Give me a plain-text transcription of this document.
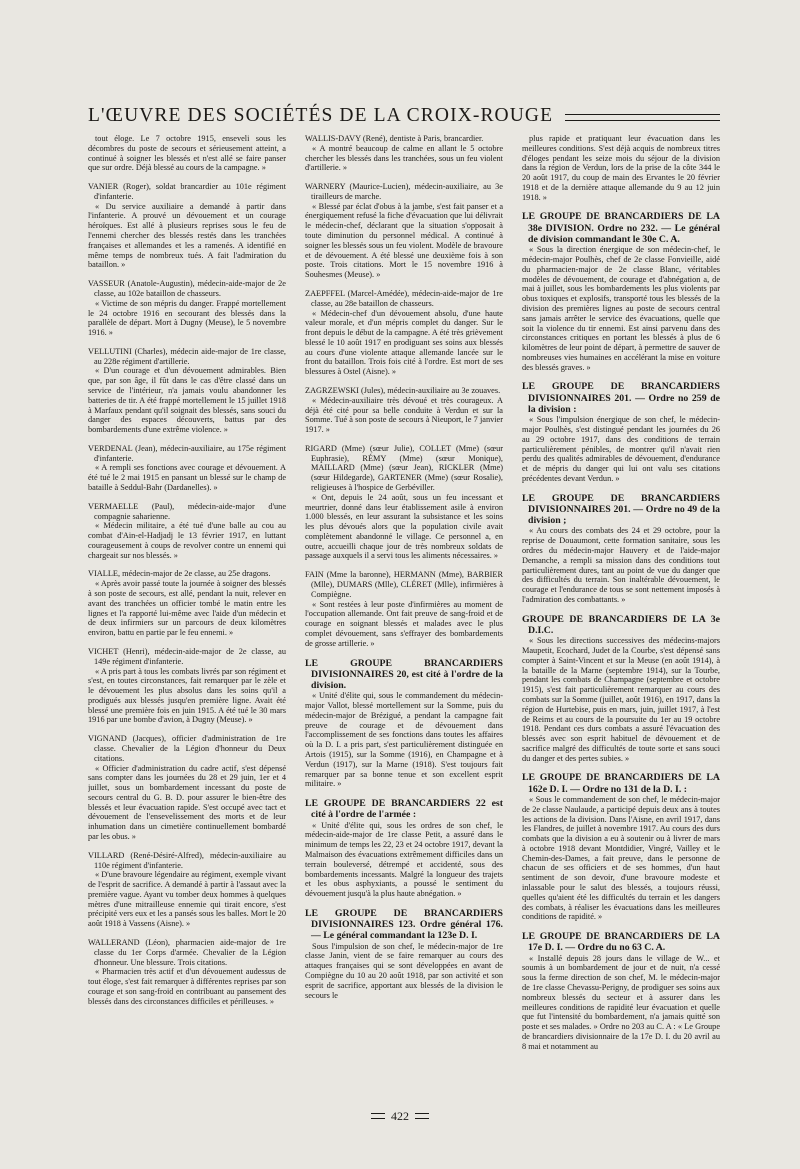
L'ŒUVRE DES SOCIÉTÉS DE LA CROIX-ROUGE
tout éloge. Le 7 octobre 1915, enseveli sous les décombres du poste de secours et sérieusement atteint, a continué à soigner les blessés et n'est allé se faire panser que sur ordre. Déjà blessé au cours de la campagne. »
VANIER (Roger), soldat brancardier au 101e régiment d'infanterie.
« Du service auxiliaire a demandé à partir dans l'infanterie. A prouvé un dévouement et un courage héroïques. Est allé à plusieurs reprises sous le feu de l'ennemi chercher des blessés restés dans les tranchées françaises et allemandes et les a ramenés. A identifié en même temps de nombreux tués. A fait l'admiration du bataillon. »
VASSEUR (Anatole-Augustin), médecin-aide-major de 2e classe, au 102e bataillon de chasseurs.
« Victime de son mépris du danger. Frappé mortellement le 24 octobre 1916 en secourant des blessés dans la parallèle de départ. Mort à Dugny (Meuse), le 5 novembre 1916. »
VELLUTINI (Charles), médecin aide-major de 1re classe, au 228e régiment d'artillerie.
« D'un courage et d'un dévouement admirables. Bien que, par son âge, il fût dans le cas d'être classé dans un service de l'intérieur, n'a jamais voulu abandonner les batteries de tir. A été frappé mortellement le 15 juillet 1918 à Marfaux pendant qu'il soignait des blessés, sans souci du danger des espaces découverts, battus par des bombardements d'une extrême violence. »
VERDENAL (Jean), médecin-auxiliaire, au 175e régiment d'infanterie.
« A rempli ses fonctions avec courage et dévouement. A été tué le 2 mai 1915 en pansant un blessé sur le champ de bataille à Seddul-Bahr (Dardanelles). »
VERMAELLE (Paul), médecin-aide-major d'une compagnie saharienne.
« Médecin militaire, a été tué d'une balle au cou au combat d'Ain-el-Hadjadj le 13 février 1917, en luttant courageusement à coups de revolver contre un ennemi qui chargeait sur nos blessés. »
VIALLE, médecin-major de 2e classe, au 25e dragons.
« Après avoir passé toute la journée à soigner des blessés à son poste de secours, est allé, pendant la nuit, relever en avant des tranchées un officier tombé le matin entre les lignes et l'a rapporté lui-même avec l'aide d'un médecin et de deux infirmiers sur un parcours de deux kilomètres environ, battu en partie par le feu ennemi. »
VICHET (Henri), médecin-aide-major de 2e classe, au 149e régiment d'infanterie.
« A pris part à tous les combats livrés par son régiment et s'est, en toutes circonstances, fait remarquer par le zèle et le dévouement les plus absolus dans les soins qu'il a prodigués aux blessés jusqu'en première ligne. Avait été blessé une première fois en juin 1915. A été tué le 30 mars 1916 par une bombe d'avion, à Dugny (Meuse). »
VIGNAND (Jacques), officier d'administration de 1re classe. Chevalier de la Légion d'honneur du Deux citations.
« Officier d'administration du cadre actif, s'est dépensé sans compter dans les journées du 28 et 29 juin, 1er et 4 juillet, sous un bombardement incessant du poste de secours central du G. B. D. pour assurer le bien-être des blessés et leur évacuation rapide. S'est occupé avec tact et dévouement de l'ensevelissement des morts et de leur inhumation dans un cimetière continuellement bombardé par les obus. »
VILLARD (René-Désiré-Alfred), médecin-auxiliaire au 110e régiment d'infanterie.
« D'une bravoure légendaire au régiment, exemple vivant de l'esprit de sacrifice. A demandé à partir à l'assaut avec la première vague. Ayant vu tomber deux hommes à quelques mètres d'une mitrailleuse ennemie qui tirait encore, s'est précipité vers eux et les a pansés sous les balles. Mort le 20 août 1918 à Vassens (Aisne). »
WALLERAND (Léon), pharmacien aide-major de 1re classe du 1er Corps d'armée. Chevalier de la Légion d'honneur. Une blessure. Trois citations.
« Pharmacien très actif et d'un dévouement audessus de tout éloge, s'est fait remarquer à différentes reprises par son courage et son sang-froid en contribuant au pansement des blessés dans des circonstances difficiles et périlleuses. »
WALLIS-DAVY (René), dentiste à Paris, brancardier.
« A montré beaucoup de calme en allant le 5 octobre chercher les blessés dans les tranchées, sous un feu violent d'artillerie. »
WARNERY (Maurice-Lucien), médecin-auxiliaire, au 3e tirailleurs de marche.
« Blessé par éclat d'obus à la jambe, s'est fait panser et a énergiquement refusé la fiche d'évacuation que lui délivrait le médecin-chef, déclarant que la situation s'opposait à toute diminution du personnel médical. A continué à soigner les blessés sous un feu violent. Modèle de bravoure et de dévouement. A été blessé une deuxième fois à son poste. Trois citations. Mort le 15 novembre 1916 à Souhesmes (Meuse). »
ZAEPFFEL (Marcel-Amédée), médecin-aide-major de 1re classe, au 28e bataillon de chasseurs.
« Médecin-chef d'un dévouement absolu, d'une haute valeur morale, et d'un mépris complet du danger. Sur le front depuis le début de la campagne. A été très grièvement blessé le 10 août 1917 en prodiguant ses soins aux blessés au cours d'une violente attaque allemande lancée sur le front du bataillon. Trois fois cité à l'ordre. Est mort de ses blessures à Ostel (Aisne). »
ZAGRZEWSKI (Jules), médecin-auxiliaire au 3e zouaves.
« Médecin-auxiliaire très dévoué et très courageux. A déjà été cité pour sa belle conduite à Verdun et sur la Somme. Tué à son poste de secours à Nieuport, le 7 janvier 1917. »
RIGARD (Mme) (sœur Julie), COLLET (Mme) (sœur Euphrasie), RÉMY (Mme) (sœur Monique), MAILLARD (Mme) (sœur Jean), RICKLER (Mme) (sœur Hildegarde), GARTENER (Mme) (sœur Rosalie), religieuses à l'hospice de Gerbéviller.
« Ont, depuis le 24 août, sous un feu incessant et meurtrier, donné dans leur établissement asile à environ 1.000 blessés, en leur assurant la subsistance et les soins les plus dévoués alors que la population civile avait complètement abandonné le village. Ce personnel a, en outre, accueilli chaque jour de très nombreux soldats de passage auxquels il a servi tous les aliments nécessaires. »
FAIN (Mme la baronne), HERMANN (Mme), BARBIER (Mlle), DUMARS (Mlle), CLÉRET (Mlle), infirmières à Compiègne.
« Sont restées à leur poste d'infirmières au moment de l'occupation allemande. Ont fait preuve de sang-froid et de courage en soignant blessés et malades avec le plus complet dévouement, sans s'effrayer des bombardements de grosse artillerie. »
LE GROUPE BRANCARDIERS DIVISIONNAIRES 20, est cité à l'ordre de la division.
« Unité d'élite qui, sous le commandement du médecin-major Vallot, blessé mortellement sur la Somme, puis du médecin-major de Brézigué, a pendant la campagne fait preuve de courage et de dévouement dans l'accomplissement de ses fonctions dans toutes les affaires où la D. I. a pris part, s'est particulièrement distinguée en Artois (1915), sur la Somme (1916), en Champagne et à Verdun (1917), sur la Marne (1918). S'est toujours fait remarquer par sa bonne tenue et son excellent esprit militaire. »
LE GROUPE DE BRANCARDIERS 22 est cité à l'ordre de l'armée :
« Unité d'élite qui, sous les ordres de son chef, le médecin-aide-major de 1re classe Petit, a assuré dans le minimum de temps les 22, 23 et 24 octobre 1917, devant la Malmaison des évacuations extrêmement difficiles dans un terrain bouleversé, détrempé et accidenté, sous des bombardements incessants. Malgré la longueur des trajets et les obus asphyxiants, a poussé le sentiment du dévouement jusqu'à la plus haute abnégation. »
LE GROUPE DE BRANCARDIERS DIVISIONNAIRES 123. Ordre général 176. — Le général commandant la 123e D. I.
Sous l'impulsion de son chef, le médecin-major de 1re classe Janin, vient de se faire remarquer au cours des attaques françaises qui se sont développées en avant de Compiègne du 10 au 20 août 1918, par son activité et son esprit de sacrifice, apportant aux blessés de la division le secours le
plus rapide et pratiquant leur évacuation dans les meilleures conditions. S'est déjà acquis de nombreux titres d'éloges pendant les seize mois du séjour de la division dans la région de Verdun, lors de la prise de la côte 344 le 20 août 1917, du coup de main des Ervantes le 20 février 1918 et de la dernière attaque allemande du 9 au 12 juin 1918. »
LE GROUPE DE BRANCARDIERS DE LA 38e DIVISION. Ordre no 232. — Le général de division commandant le 30e C. A.
« Sous la direction énergique de son médecin-chef, le médecin-major Poulhès, chef de 2e classe Fonvieille, aidé du pharmacien-major de 2e classe Blanc, véritables modèles de dévouement, de courage et d'abnégation a, de mai à juillet, sous les bombardements les plus violents par obus toxiques et explosifs, transporté tous les blessés de la division des premières lignes au poste de secours central sans jamais arrêter le service des évacuations, quelle que soit la violence du tir ennemi. Est ainsi parvenu dans des circonstances critiques en portant les blessés à plus de 6 kilomètres de leur point de départ, à permettre de sauver de nombreuses vies humaines en accélérant la mise en voiture des blessés graves. »
LE GROUPE DE BRANCARDIERS DIVISIONNAIRES 201. — Ordre no 259 de la division :
« Sous l'impulsion énergique de son chef, le médecin-major Poulhès, s'est distingué pendant les journées du 26 au 29 octobre 1917, dans des conditions de terrain particulièrement pénibles, de montrer qu'il n'avait rien perdu des qualités admirables de dévouement, d'endurance et de mépris du danger qui lui ont valu ses citations précédentes devant Verdun. »
LE GROUPE DE BRANCARDIERS DIVISIONNAIRES 201. — Ordre no 49 de la division ;
« Au cours des combats des 24 et 29 octobre, pour la reprise de Douaumont, cette formation sanitaire, sous les ordres du médecin-major Hauvery et de l'aide-major Demanche, a rempli sa mission dans des conditions tout particulièrement dures, tant au point de vue du danger que des difficultés du terrain. Son inaltérable dévouement, le courage et l'endurance de tous se sont nettement imposés à l'admiration des combattants. »
GROUPE DE BRANCARDIERS DE LA 3e D.I.C.
« Sous les directions successives des médecins-majors Maupetit, Ecochard, Judet de la Courbe, s'est dépensé sans compter à Saint-Vincent et sur la Meuse (en août 1914), à la bataille de la Marne (septembre 1914), sur la Tourbe, pendant les combats de Champagne (septembre et octobre 1915), s'est fait particulièrement remarquer au cours des combats sur la Somme (juillet, août 1916), en 1917, dans la région de Hurtebise, puis en mars, juin, juillet 1917, à l'est de Reims et au cours de la poursuite du 1er au 19 octobre 1918. Pendant ces durs combats a assuré l'évacuation des blessés avec son esprit habituel de dévouement et de sacrifice malgré des difficultés de toute sorte et sans souci du danger et des pertes subies. »
LE GROUPE DE BRANCARDIERS DE LA 162e D. I. — Ordre no 131 de la D. I. :
« Sous le commandement de son chef, le médecin-major de 2e classe Naulaude, a participé depuis deux ans à toutes les actions de la division. Dans l'Aisne, en avril 1917, dans les Flandres, de juillet à novembre 1917. Au cours des durs combats que la division a eu à soutenir ou à livrer de mars à octobre 1918 devant Montdidier, Vingré, Vailley et le Chemin-des-Dames, a fait preuve, dans le personne de chacun de ses officiers et de ses hommes, d'un haut sentiment de son devoir, d'une bravoure modeste et inlassable pour le salut des blessés, a toujours réussi, quelles qu'aient été les difficultés du terrain et les dangers des combats, à réaliser les évacuations dans les meilleures conditions de rapidité. »
LE GROUPE DE BRANCARDIERS DE LA 17e D. I. — Ordre du no 63 C. A.
« Installé depuis 28 jours dans le village de W... et soumis à un bombardement de jour et de nuit, n'a cessé sous la ferme direction de son chef, M. le médecin-major de 1re classe Chevassu-Perigny, de prodiguer ses soins aux nombreux blessés du secteur et à assurer dans les meilleures conditions de rapidité leur évacuation et quelle que fut l'intensité du bombardement, n'a jamais quitté son poste et ses malades. » Ordre no 203 au C. A : « Le Groupe de brancardiers divisionnaire de la 17e D. I. du 20 avril au 8 mai et notamment au
422
